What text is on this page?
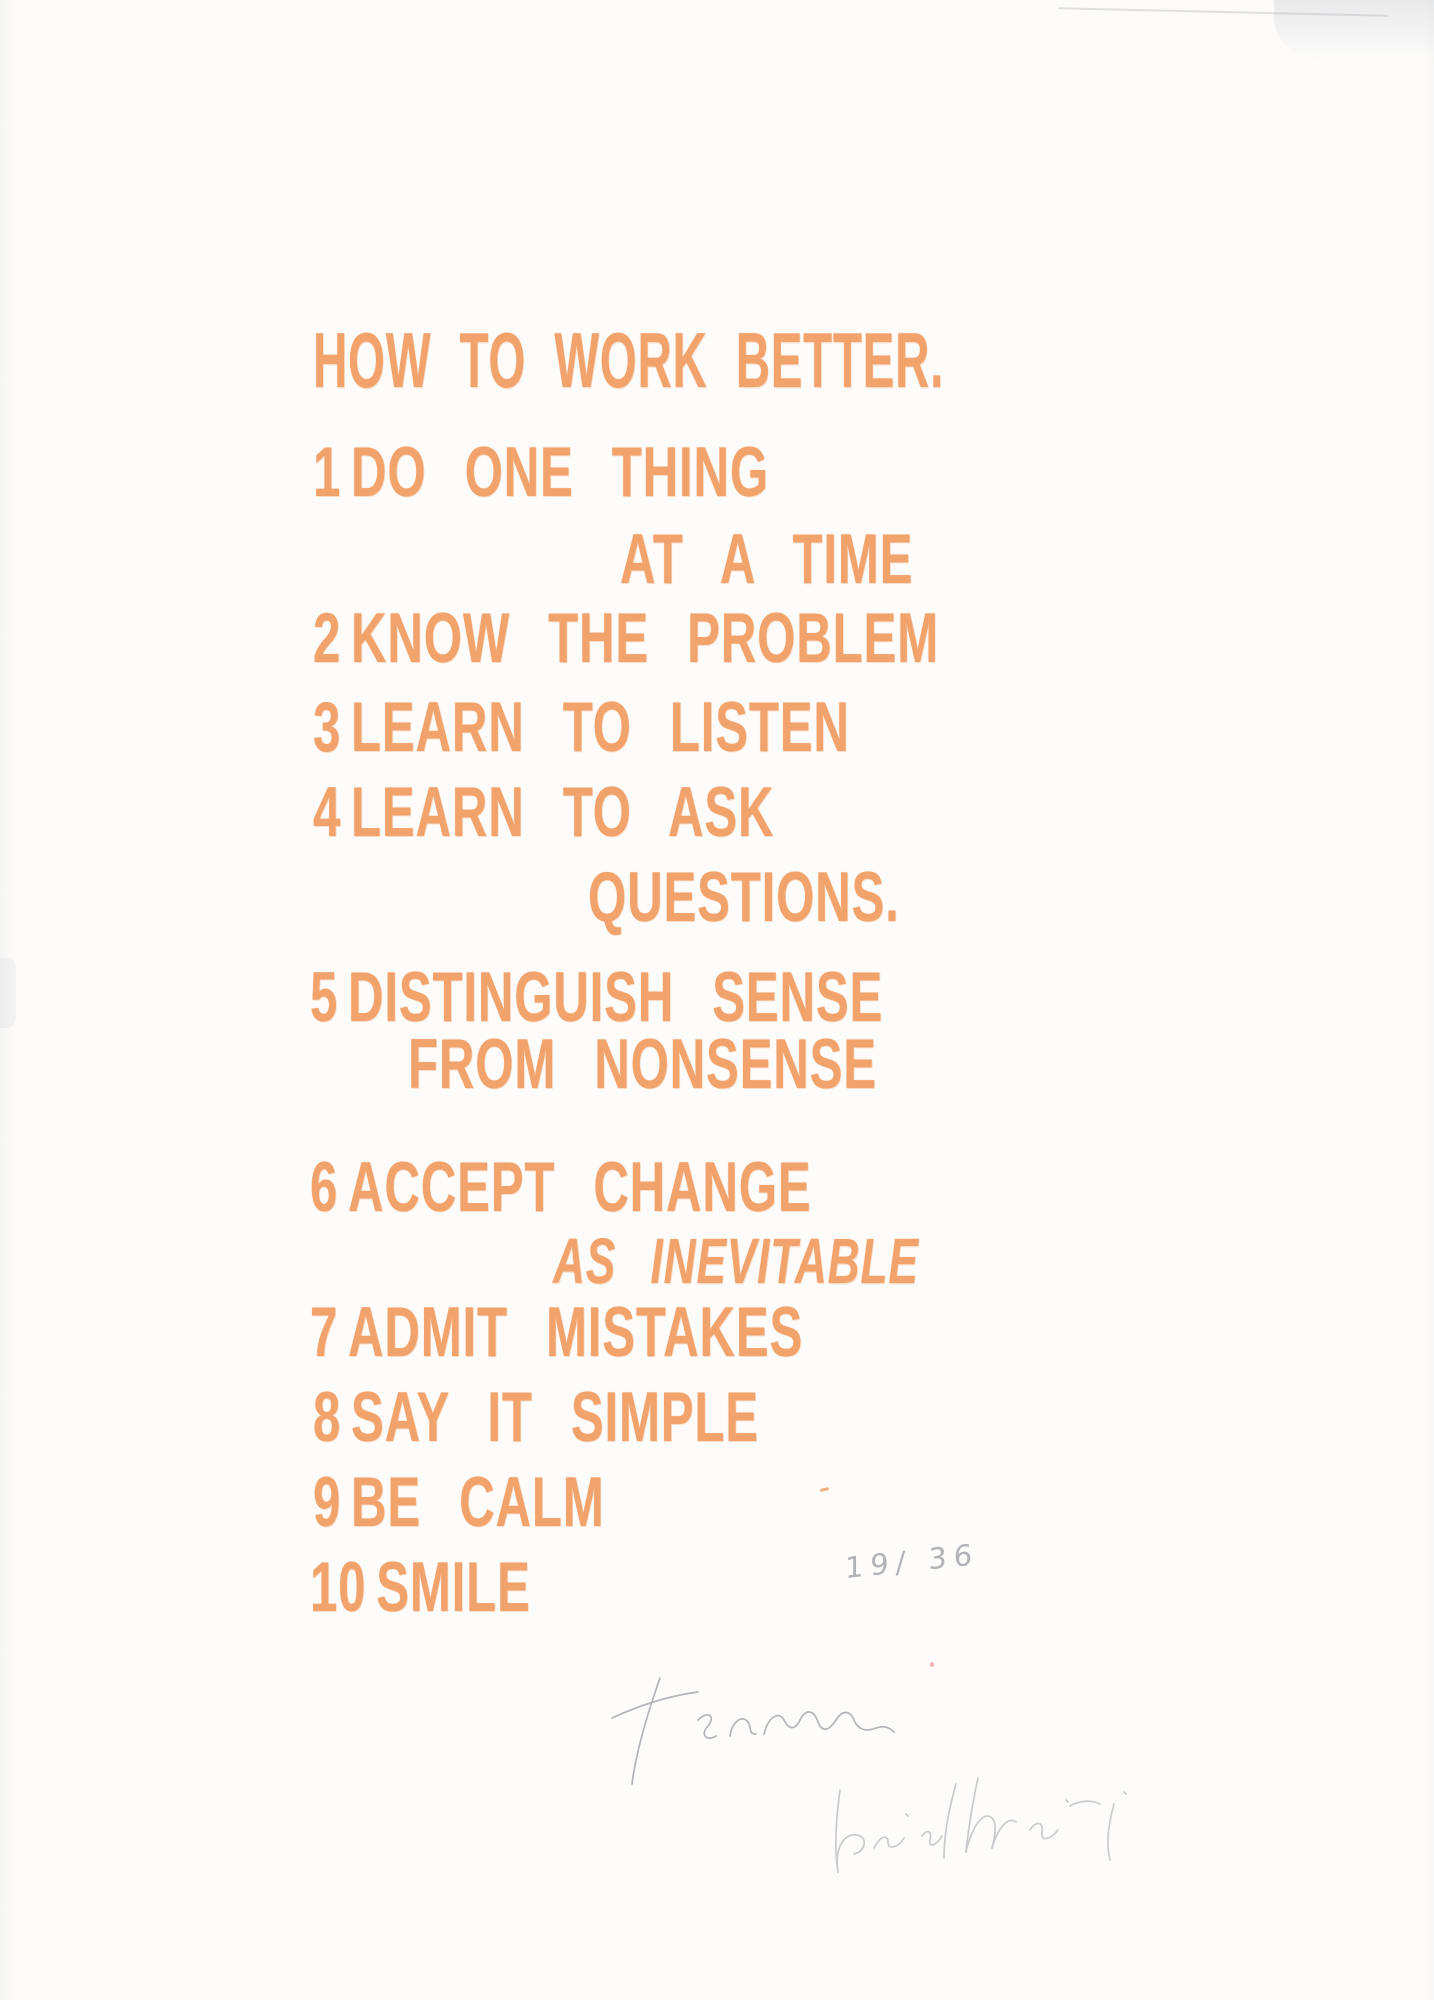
HOW TO WORK BETTER.
1 DO ONE THING
AT A TIME
2 KNOW THE PROBLEM
3 LEARN TO LISTEN
4 LEARN TO ASK
QUESTIONS.
5 DISTINGUISH SENSE
FROM NONSENSE
6 ACCEPT CHANGE
AS INEVITABLE
7 ADMIT MISTAKES
8 SAY IT SIMPLE
9 BE CALM
10 SMILE	19/ 36
